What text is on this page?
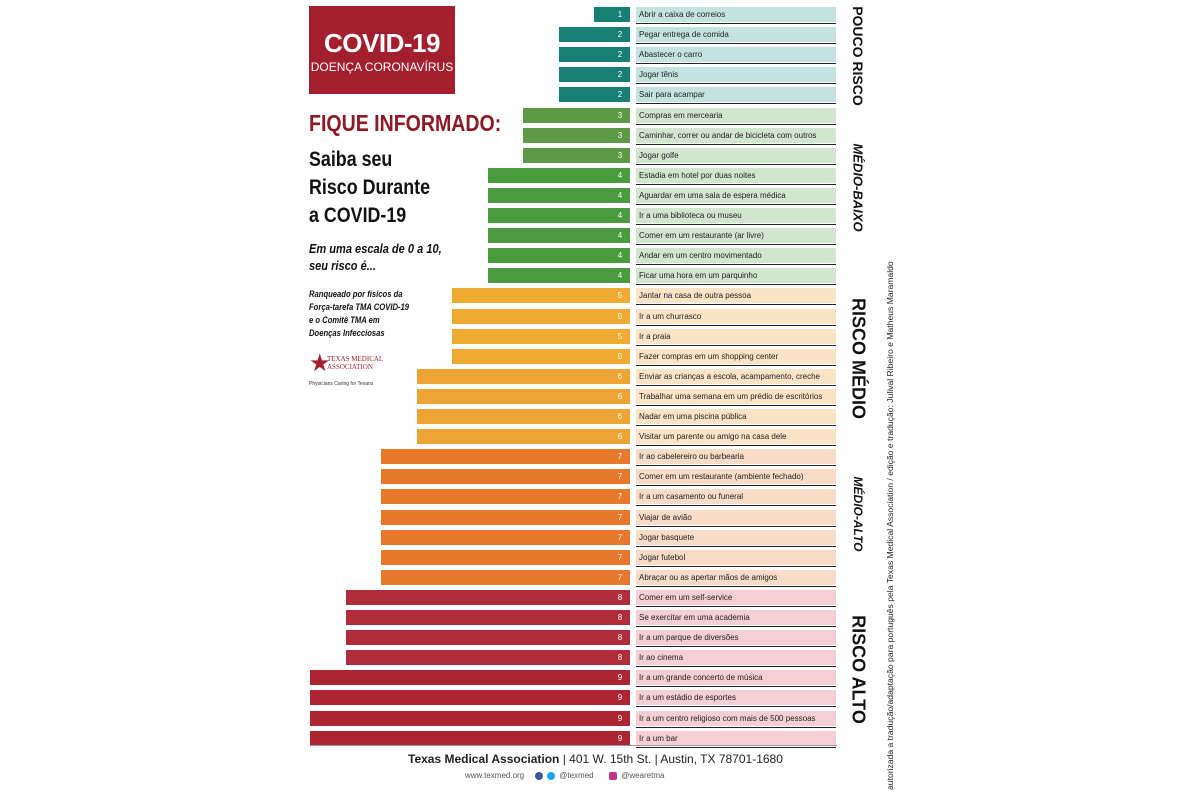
COVID-19
DOENÇA CORONAVÍRUS
FIQUE INFORMADO:
Saiba seu
Risco Durante
a COVID-19
Em uma escala de 0 a 10,
seu risco é...
Ranqueado por físicos da
Força-tarefa TMA COVID-19
e o Comitê TMA em
Doenças Infecciosas
★
TEXAS MEDICAL
ASSOCIATION
Physicians Caring for Texans
1	Abrir a caixa de correios
2	Pegar entrega de comida
2	Abastecer o carro
2	Jogar tênis
2	Sair para acampar
3	Compras em mercearia
3	Caminhar, correr ou andar de bicicleta com outros
3	Jogar golfe
4	Estadia em hotel por duas noites
4	Aguardar em uma sala de espera médica
4	Ir a uma biblioteca ou museu
4	Comer em um restaurante (ar livre)
4	Andar em um centro movimentado
4	Ficar uma hora em um parquinho
5	Jantar na casa de outra pessoa
5	Ir a um churrasco
5	Ir a praia
5	Fazer compras em um shopping center
6	Enviar as crianças a escola, acampamento, creche
6	Trabalhar uma semana em um prédio de escritórios
6	Nadar em uma piscina pública
6	Visitar um parente ou amigo na casa dele
7	Ir ao cabelereiro ou barbearia
7	Comer em um restaurante (ambiente fechado)
7	Ir a um casamento ou funeral
7	Viajar de avião
7	Jogar basquete
7	Jogar futebol
7	Abraçar ou as apertar mãos de amigos
8	Comer em um self-service
8	Se exercitar em uma academia
8	Ir a um parque de diversões
8	Ir ao cinema
9	Ir a um grande concerto de música
9	Ir a um estádio de esportes
9	Ir a um centro religioso com mais de 500 pessoas
9	Ir a um bar
POUCO RISCO
MÉDIO-BAIXO
RISCO MÉDIO
MÉDIO-ALTO
RISCO ALTO autorizada a tradução/adaptação para português pela Texas Medical Association / edição e tradução: Julival Ribeiro e Matheus Maramaldo
Texas Medical Association | 401 W. 15th St. | Austin, TX 78701-1680
www.texmed.org	@texmed	@wearetma
